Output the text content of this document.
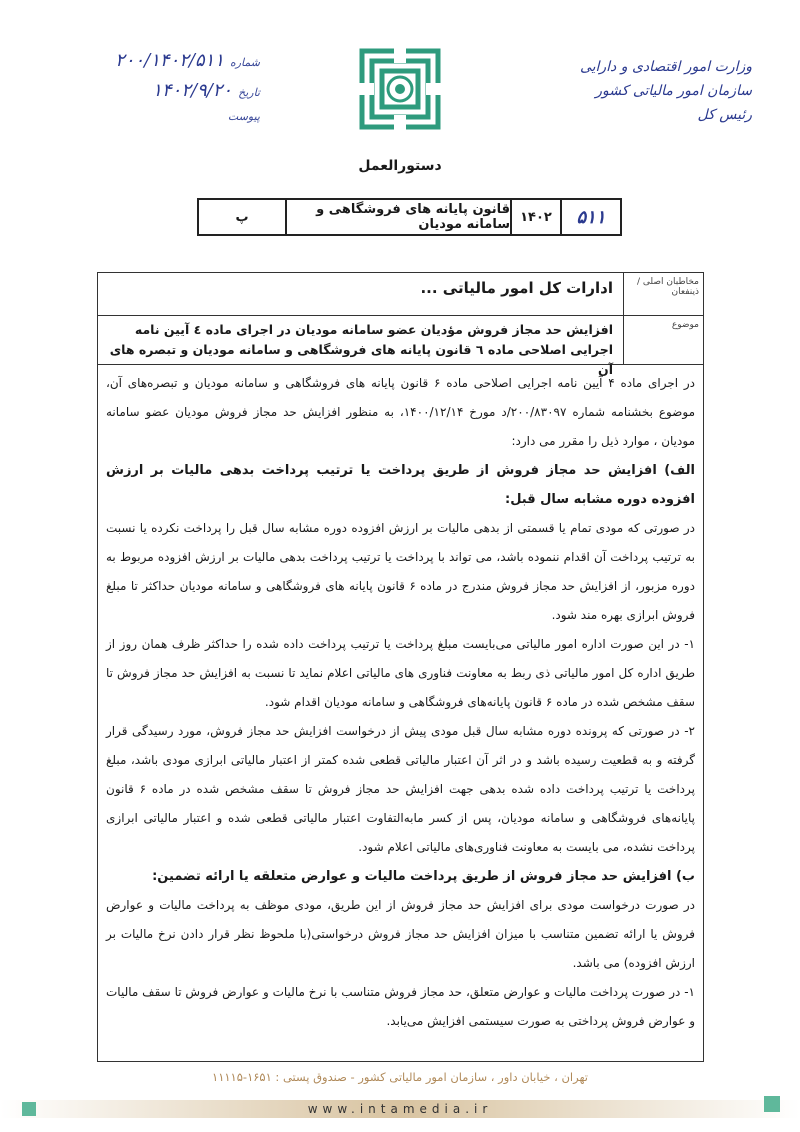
وزارت امور اقتصادی و دارایی
سازمان امور مالیاتی کشور
رئیس کل
شماره
۲۰۰/۱۴۰۲/۵۱۱
تاریخ
۱۴۰۲/۹/۲۰
پیوست
دستورالعمل
۵۱۱
۱۴۰۲
قانون پایانه های فروشگاهی و سامانه مودیان
پ
مخاطبان اصلی / ذینفعان
ادارات کل امور مالیاتی ...
موضوع
افزایش حد مجاز فروش مؤدیان عضو سامانه مودیان در اجرای ماده ٤ آیین نامه اجرایی اصلاحی ماده ٦ قانون پایانه های فروشگاهی و سامانه مودیان و تبصره های آن

در اجرای ماده ۴ آیین نامه اجرایی اصلاحی ماده ۶ قانون پایانه های فروشگاهی و سامانه مودیان و تبصره‌های آن، موضوع بخشنامه شماره ۲۰۰/۸۳۰۹۷/د مورخ ۱۴۰۰/۱۲/۱۴، به منظور افزایش حد مجاز فروش مودیان عضو سامانه مودیان ، موارد ذیل را مقرر می دارد:

الف) افزایش حد مجاز فروش از طریق پرداخت یا ترتیب پرداخت بدهی مالیات بر ارزش افزوده دوره مشابه سال قبل:

در صورتی که مودی تمام یا قسمتی از بدهی مالیات بر ارزش افزوده دوره مشابه سال قبل را پرداخت نکرده یا نسبت به ترتیب پرداخت آن اقدام ننموده باشد، می تواند با پرداخت یا ترتیب پرداخت بدهی مالیات بر ارزش افزوده مربوط به دوره مزبور، از افزایش حد مجاز فروش مندرج در ماده ۶ قانون پایانه های فروشگاهی و سامانه مودیان حداکثر تا مبلغ فروش ابرازی بهره مند شود.

۱- در این صورت اداره امور مالیاتی می‌بایست مبلغ پرداخت یا ترتیب پرداخت داده شده را حداکثر ظرف همان روز از طریق اداره کل امور مالیاتی ذی ربط به معاونت فناوری های مالیاتی اعلام نماید تا نسبت به افزایش حد مجاز فروش تا سقف مشخص شده در ماده ۶ قانون پایانه‌های فروشگاهی و سامانه مودیان اقدام شود.

۲- در صورتی که پرونده دوره مشابه سال قبل مودی پیش از درخواست افزایش حد مجاز فروش، مورد رسیدگی قرار گرفته و به قطعیت رسیده باشد و در اثر آن اعتبار مالیاتی قطعی شده کمتر از اعتبار مالیاتی ابرازی مودی باشد، مبلغ پرداخت یا ترتیب پرداخت داده شده بدهی جهت افزایش حد مجاز فروش تا سقف مشخص شده در ماده ۶ قانون پایانه‌های فروشگاهی و سامانه مودیان، پس از کسر مابه‌التفاوت اعتبار مالیاتی قطعی شده و اعتبار مالیاتی ابرازی پرداخت نشده، می بایست به معاونت فناوری‌های مالیاتی اعلام شود.

ب) افزایش حد مجاز فروش از طریق پرداخت مالیات و عوارض متعلقه یا ارائه تضمین:

در صورت درخواست مودی برای افزایش حد مجاز فروش از این طریق، مودی موظف به پرداخت مالیات و عوارض فروش یا ارائه تضمین متناسب با میزان افزایش حد مجاز فروش درخواستی(با ملحوظ نظر قرار دادن نرخ مالیات بر ارزش افزوده) می باشد.

۱- در صورت پرداخت مالیات و عوارض متعلق، حد مجاز فروش متناسب با نرخ مالیات و عوارض فروش تا سقف مالیات و عوارض فروش پرداختی به صورت سیستمی افزایش می‌یابد.

تهران ، خیابان داور ، سازمان امور مالیاتی کشور - صندوق پستی : ۱۶۵۱-۱۱۱۱۵
www.intamedia.ir
